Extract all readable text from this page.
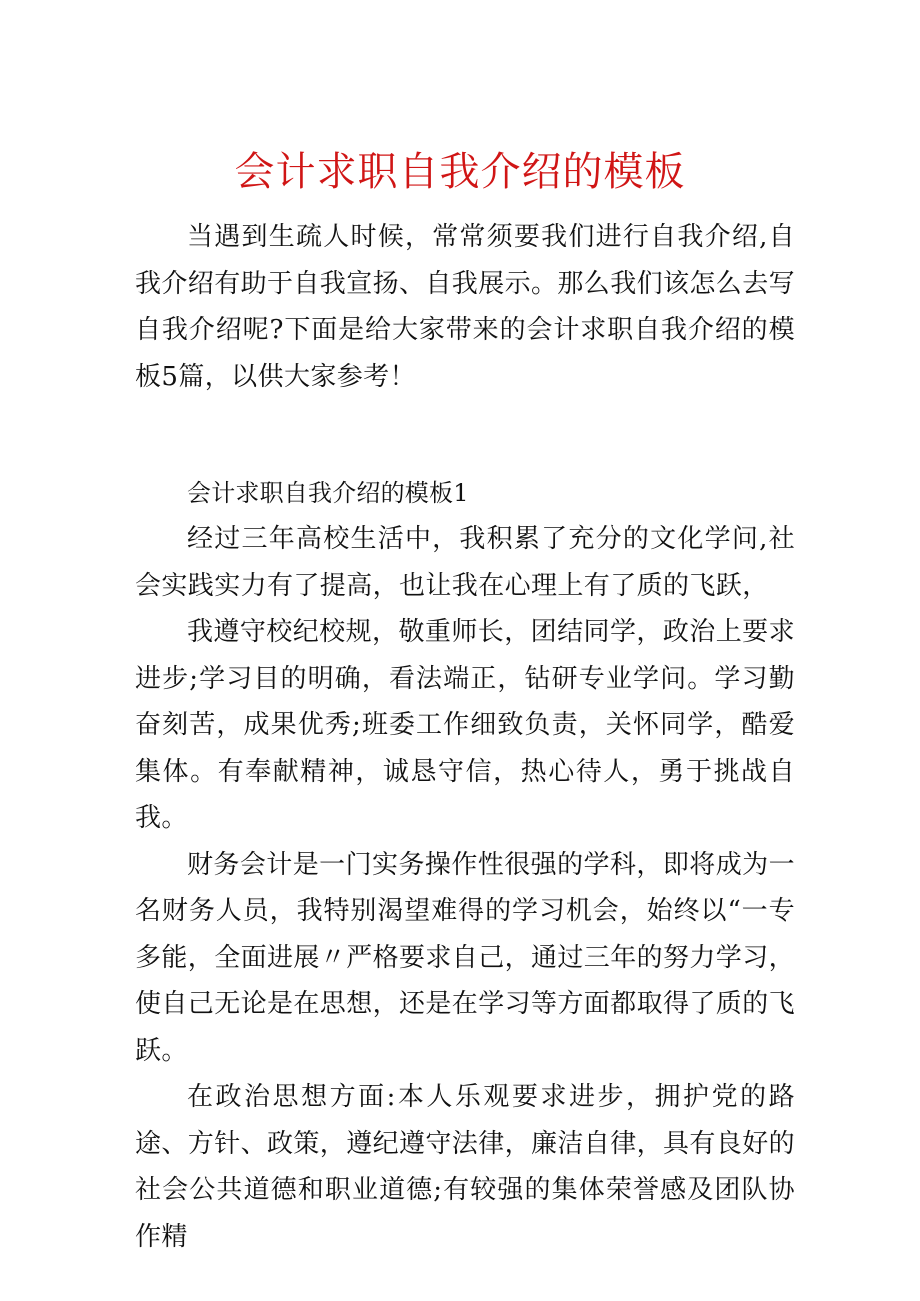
会计求职自我介绍的模板

当遇到生疏人时候，常常须要我们进行自我介绍,自我介绍有助于自我宣扬、自我展示。那么我们该怎么去写自我介绍呢?下面是给大家带来的会计求职自我介绍的模板5篇，以供大家参考！

会计求职自我介绍的模板1

经过三年高校生活中，我积累了充分的文化学问,社会实践实力有了提高，也让我在心理上有了质的飞跃，

我遵守校纪校规，敬重师长，团结同学，政治上要求进步;学习目的明确，看法端正，钻研专业学问。学习勤奋刻苦，成果优秀;班委工作细致负责，关怀同学，酷爱集体。有奉献精神，诚恳守信，热心待人，勇于挑战自我。

财务会计是一门实务操作性很强的学科，即将成为一名财务人员，我特别渴望难得的学习机会，始终以“一专多能，全面进展〃严格要求自己，通过三年的努力学习，使自己无论是在思想，还是在学习等方面都取得了质的飞跃。

在政治思想方面:本人乐观要求进步，拥护党的路途、方针、政策，遵纪遵守法律，廉洁自律，具有良好的社会公共道德和职业道德;有较强的集体荣誉感及团队协作精
